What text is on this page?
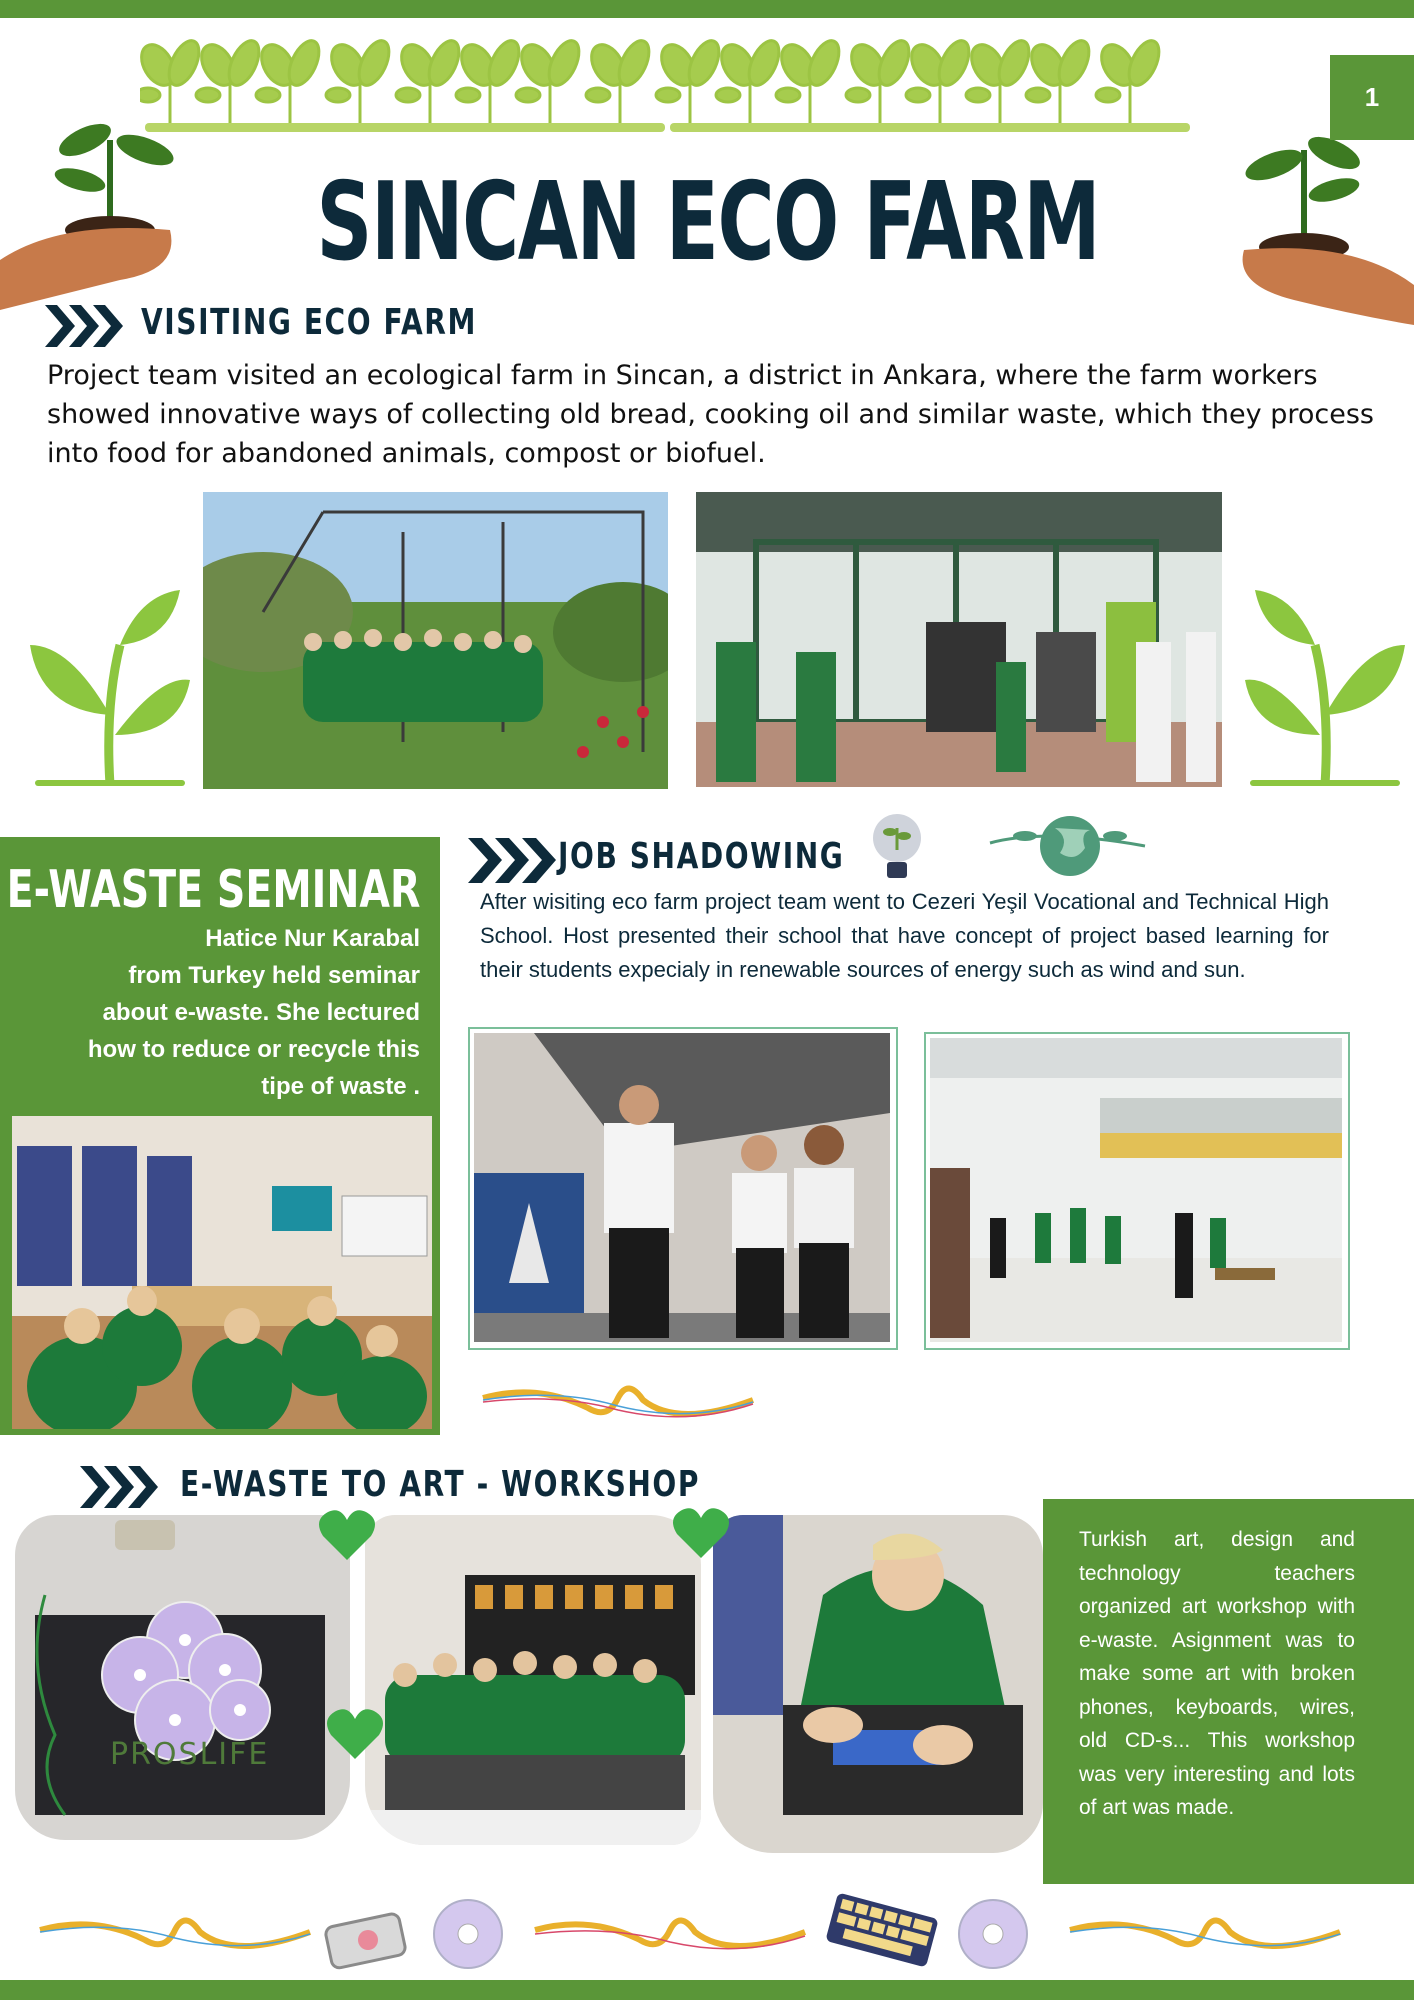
1
SINCAN ECO FARM
VISITING ECO FARM
Project team visited an ecological farm in Sincan, a district in Ankara, where the farm workers showed innovative ways of collecting old bread, cooking oil and similar waste, which they process into food for abandoned animals, compost or biofuel.
E-WASTE SEMINAR
Hatice Nur Karabal
from Turkey held seminar
about e-waste. She lectured
how to reduce or recycle this
tipe of waste .
JOB SHADOWING
After wisiting eco farm project team went to Cezeri Yeşil Vocational and Technical High School. Host presented their school that have concept of project based learning for their students expecialy in renewable sources of energy such as wind and sun.
E-WASTE TO ART - WORKSHOP
PROSLIFE
Turkish art, design and technology teachers organized art workshop with e-waste. Asignment was to make some art with broken phones, keyboards, wires, old CD-s... This workshop was very interesting and lots of art was made.
